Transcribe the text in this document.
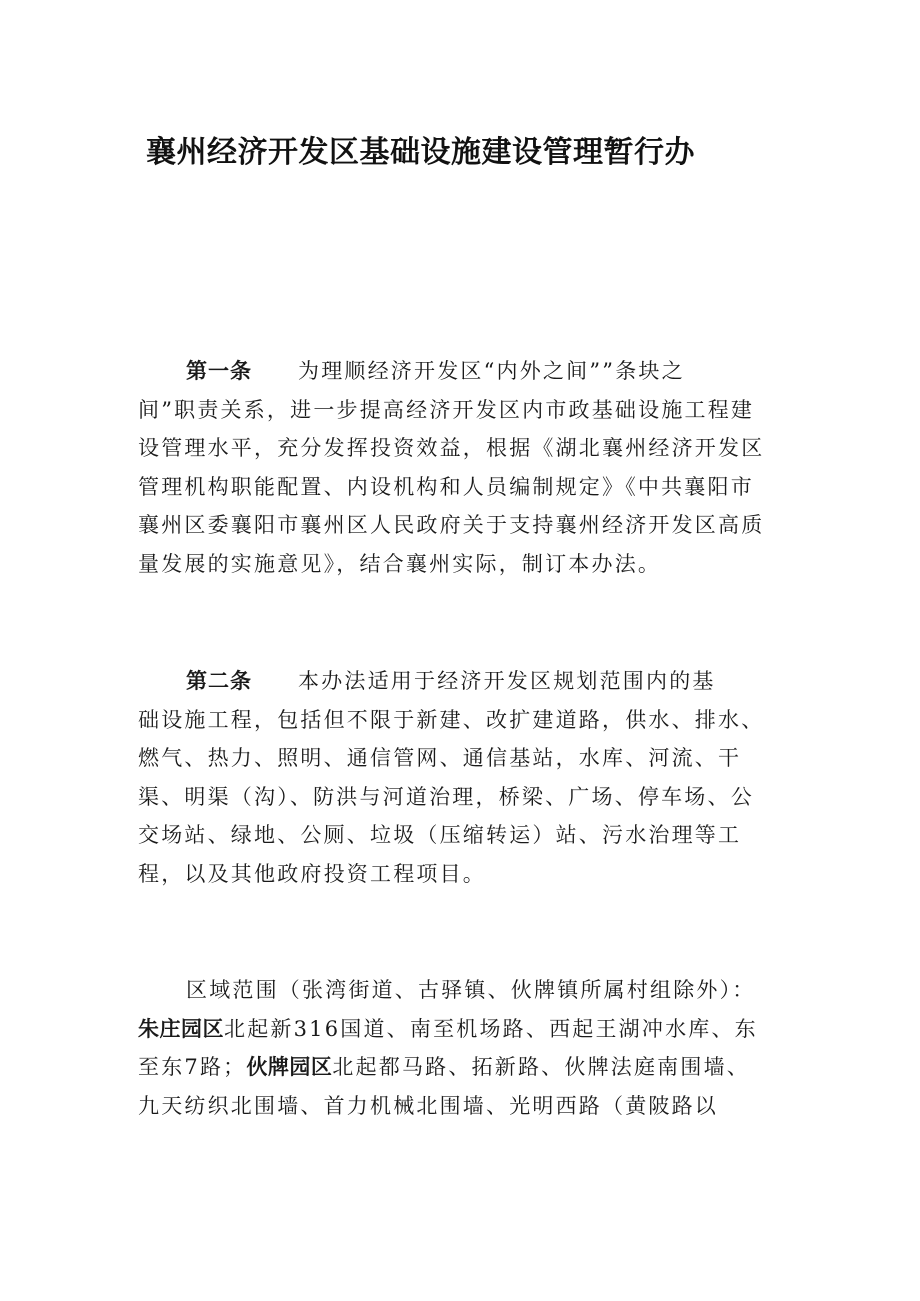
襄州经济开发区基础设施建设管理暂行办
第一条 为理顺经济开发区“内外之间””条块之
间”职责关系，进一步提高经济开发区内市政基础设施工程建
设管理水平，充分发挥投资效益，根据《湖北襄州经济开发区
管理机构职能配置、内设机构和人员编制规定》《中共襄阳市
襄州区委襄阳市襄州区人民政府关于支持襄州经济开发区高质
量发展的实施意见》，结合襄州实际，制订本办法。
第二条 本办法适用于经济开发区规划范围内的基
础设施工程，包括但不限于新建、改扩建道路，供水、排水、
燃气、热力、照明、通信管网、通信基站，水库、河流、干
渠、明渠（沟）、防洪与河道治理，桥梁、广场、停车场、公
交场站、绿地、公厕、垃圾（压缩转运）站、污水治理等工
程，以及其他政府投资工程项目。
区域范围（张湾街道、古驿镇、伙牌镇所属村组除外）：
朱庄园区北起新316国道、南至机场路、西起王湖冲水库、东
至东7路；伙牌园区北起都马路、拓新路、伙牌法庭南围墙、
九天纺织北围墙、首力机械北围墙、光明西路（黄陂路以
